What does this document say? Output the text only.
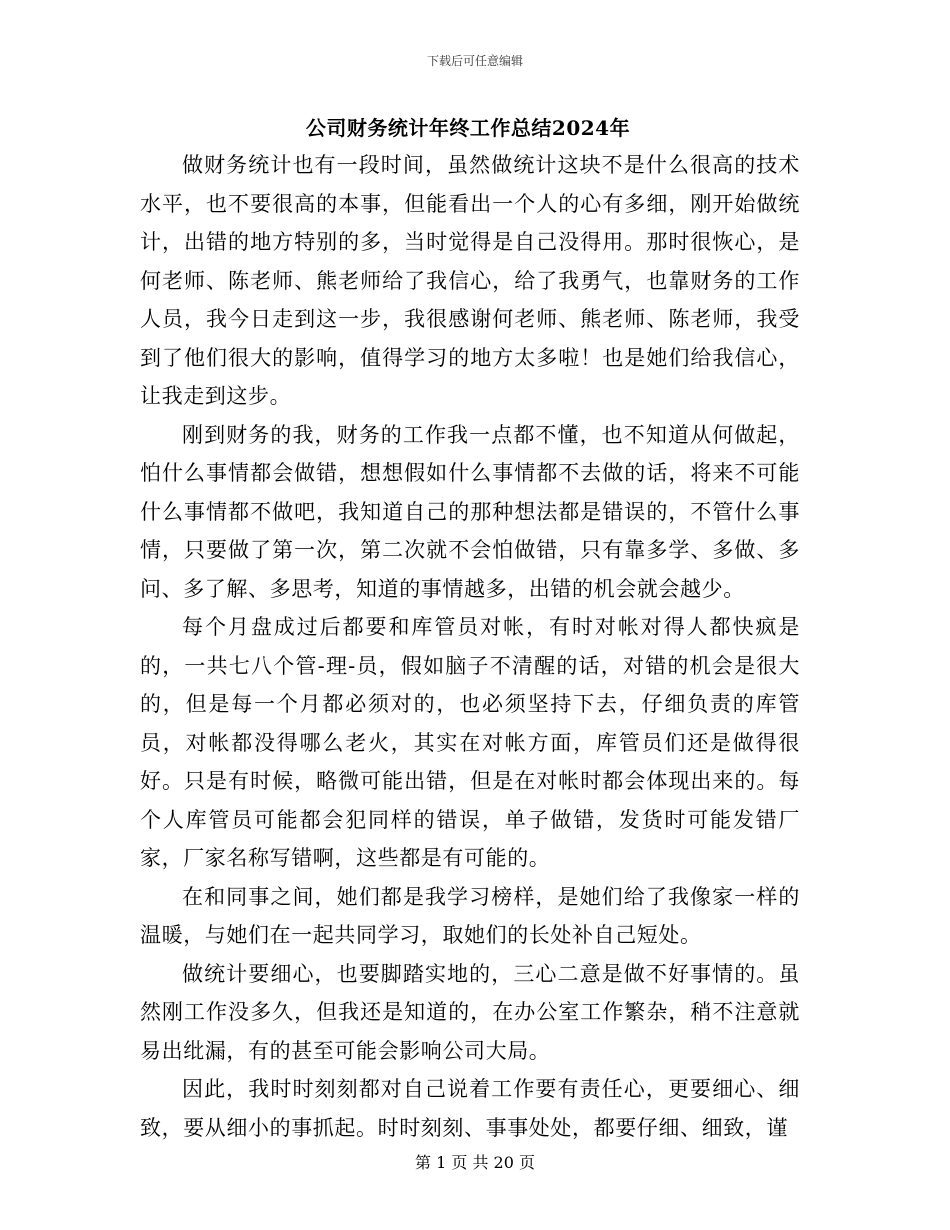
下载后可任意编辑
公司财务统计年终工作总结2024年

做财务统计也有一段时间，虽然做统计这块不是什么很高的技术水平，也不要很高的本事，但能看出一个人的心有多细，刚开始做统计，出错的地方特别的多，当时觉得是自己没得用。那时很恢心，是何老师、陈老师、熊老师给了我信心，给了我勇气，也靠财务的工作人员，我今日走到这一步，我很感谢何老师、熊老师、陈老师，我受到了他们很大的影响，值得学习的地方太多啦！也是她们给我信心，让我走到这步。

刚到财务的我，财务的工作我一点都不懂，也不知道从何做起，怕什么事情都会做错，想想假如什么事情都不去做的话，将来不可能什么事情都不做吧，我知道自己的那种想法都是错误的，不管什么事情，只要做了第一次，第二次就不会怕做错，只有靠多学、多做、多问、多了解、多思考，知道的事情越多，出错的机会就会越少。

每个月盘成过后都要和库管员对帐，有时对帐对得人都快疯是的，一共七八个管-理-员，假如脑子不清醒的话，对错的机会是很大的，但是每一个月都必须对的，也必须坚持下去，仔细负责的库管员，对帐都没得哪么老火，其实在对帐方面，库管员们还是做得很好。只是有时候，略微可能出错，但是在对帐时都会体现出来的。每个人库管员可能都会犯同样的错误，单子做错，发货时可能发错厂家，厂家名称写错啊，这些都是有可能的。

在和同事之间，她们都是我学习榜样，是她们给了我像家一样的温暖，与她们在一起共同学习，取她们的长处补自己短处。

做统计要细心，也要脚踏实地的，三心二意是做不好事情的。虽然刚工作没多久，但我还是知道的，在办公室工作繁杂，稍不注意就易出纰漏，有的甚至可能会影响公司大局。

因此，我时时刻刻都对自己说着工作要有责任心，更要细心、细致，要从细小的事抓起。时时刻刻、事事处处，都要仔细、细致，谨

第 1 页 共 20 页
